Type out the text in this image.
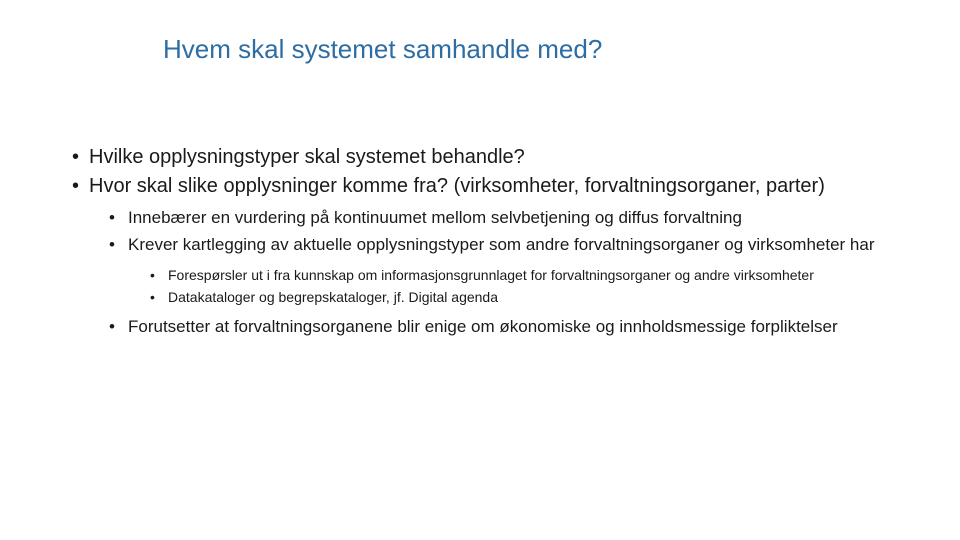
Hvem skal systemet samhandle med?

• Hvilke opplysningstyper skal systemet behandle?

• Hvor skal slike opplysninger komme fra? (virksomheter, forvaltningsorganer, parter)

• Innebærer en vurdering på kontinuumet mellom selvbetjening og diffus forvaltning

• Krever kartlegging av aktuelle opplysningstyper som andre forvaltningsorganer og virksomheter har

• Forespørsler ut i fra kunnskap om informasjonsgrunnlaget for forvaltningsorganer og andre virksomheter

• Datakataloger og begrepskataloger, jf. Digital agenda

• Forutsetter at forvaltningsorganene blir enige om økonomiske og innholdsmessige forpliktelser
